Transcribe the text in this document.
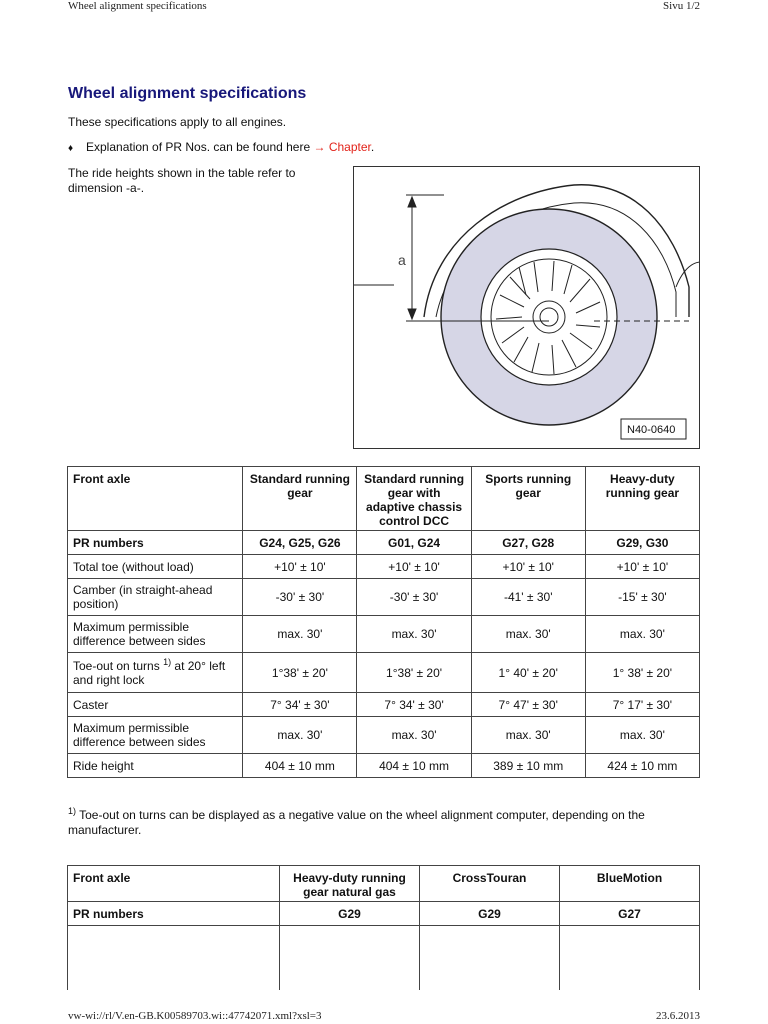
Wheel alignment specifications	Sivu 1/2
Wheel alignment specifications
These specifications apply to all engines.
♦ Explanation of PR Nos. can be found here → Chapter.
The ride heights shown in the table refer to dimension -a-.
a
N40-0640
Front axle	Standard running gear	Standard running gear with adaptive chassis control DCC	Sports running gear	Heavy-duty running gear
PR numbers	G24, G25, G26	G01, G24	G27, G28	G29, G30
Total toe (without load)	+10' ± 10'	+10' ± 10'	+10' ± 10'	+10' ± 10'
Camber (in straight-ahead position)	-30' ± 30'	-30' ± 30'	-41' ± 30'	-15' ± 30'
Maximum permissible difference between sides	max. 30'	max. 30'	max. 30'	max. 30'
Toe-out on turns $^{1)}$ at 20° left and right lock	1°38' ± 20'	1°38' ± 20'	1° 40' ± 20'	1° 38' ± 20'
Caster	7° 34' ± 30'	7° 34' ± 30'	7° 47' ± 30'	7° 17' ± 30'
Maximum permissible difference between sides	max. 30'	max. 30'	max. 30'	max. 30'
Ride height	404 ± 10 mm	404 ± 10 mm	389 ± 10 mm	424 ± 10 mm
$^{1)}$ Toe-out on turns can be displayed as a negative value on the wheel alignment computer, depending on the manufacturer.
Front axle	Heavy-duty running gear natural gas	CrossTouran	BlueMotion
PR numbers	G29	G29	G27

vw-wi://rl/V.en-GB.K00589703.wi::47742071.xml?xsl=3	23.6.2013
